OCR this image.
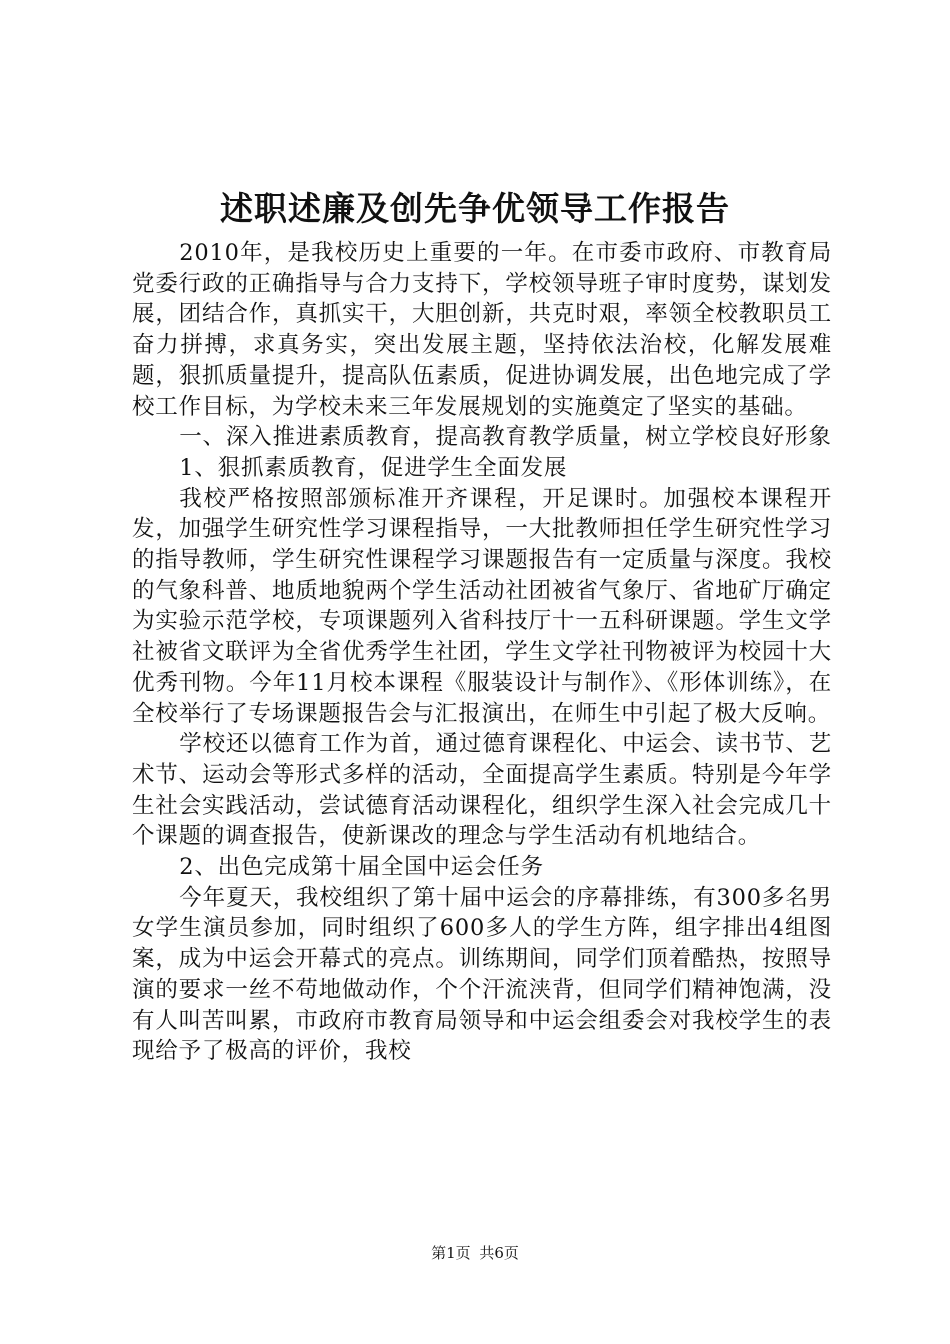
述职述廉及创先争优领导工作报告

2010年，是我校历史上重要的一年。在市委市政府、市教育局党委行政的正确指导与合力支持下，学校领导班子审时度势，谋划发展，团结合作，真抓实干，大胆创新，共克时艰，率领全校教职员工奋力拼搏，求真务实，突出发展主题，坚持依法治校，化解发展难题，狠抓质量提升，提高队伍素质，促进协调发展，出色地完成了学校工作目标，为学校未来三年发展规划的实施奠定了坚实的基础。

一、深入推进素质教育，提高教育教学质量，树立学校良好形象

1、狠抓素质教育，促进学生全面发展

我校严格按照部颁标准开齐课程，开足课时。加强校本课程开发，加强学生研究性学习课程指导，一大批教师担任学生研究性学习的指导教师，学生研究性课程学习课题报告有一定质量与深度。我校的气象科普、地质地貌两个学生活动社团被省气象厅、省地矿厅确定为实验示范学校，专项课题列入省科技厅十一五科研课题。学生文学社被省文联评为全省优秀学生社团，学生文学社刊物被评为校园十大优秀刊物。今年11月校本课程《服装设计与制作》、《形体训练》，在全校举行了专场课题报告会与汇报演出，在师生中引起了极大反响。

学校还以德育工作为首，通过德育课程化、中运会、读书节、艺术节、运动会等形式多样的活动，全面提高学生素质。特别是今年学生社会实践活动，尝试德育活动课程化，组织学生深入社会完成几十个课题的调查报告，使新课改的理念与学生活动有机地结合。

2、出色完成第十届全国中运会任务

今年夏天，我校组织了第十届中运会的序幕排练，有300多名男女学生演员参加，同时组织了600多人的学生方阵，组字排出4组图案，成为中运会开幕式的亮点。训练期间，同学们顶着酷热，按照导演的要求一丝不苟地做动作，个个汗流浃背，但同学们精神饱满，没有人叫苦叫累，市政府市教育局领导和中运会组委会对我校学生的表现给予了极高的评价，我校

第1页 共6页
